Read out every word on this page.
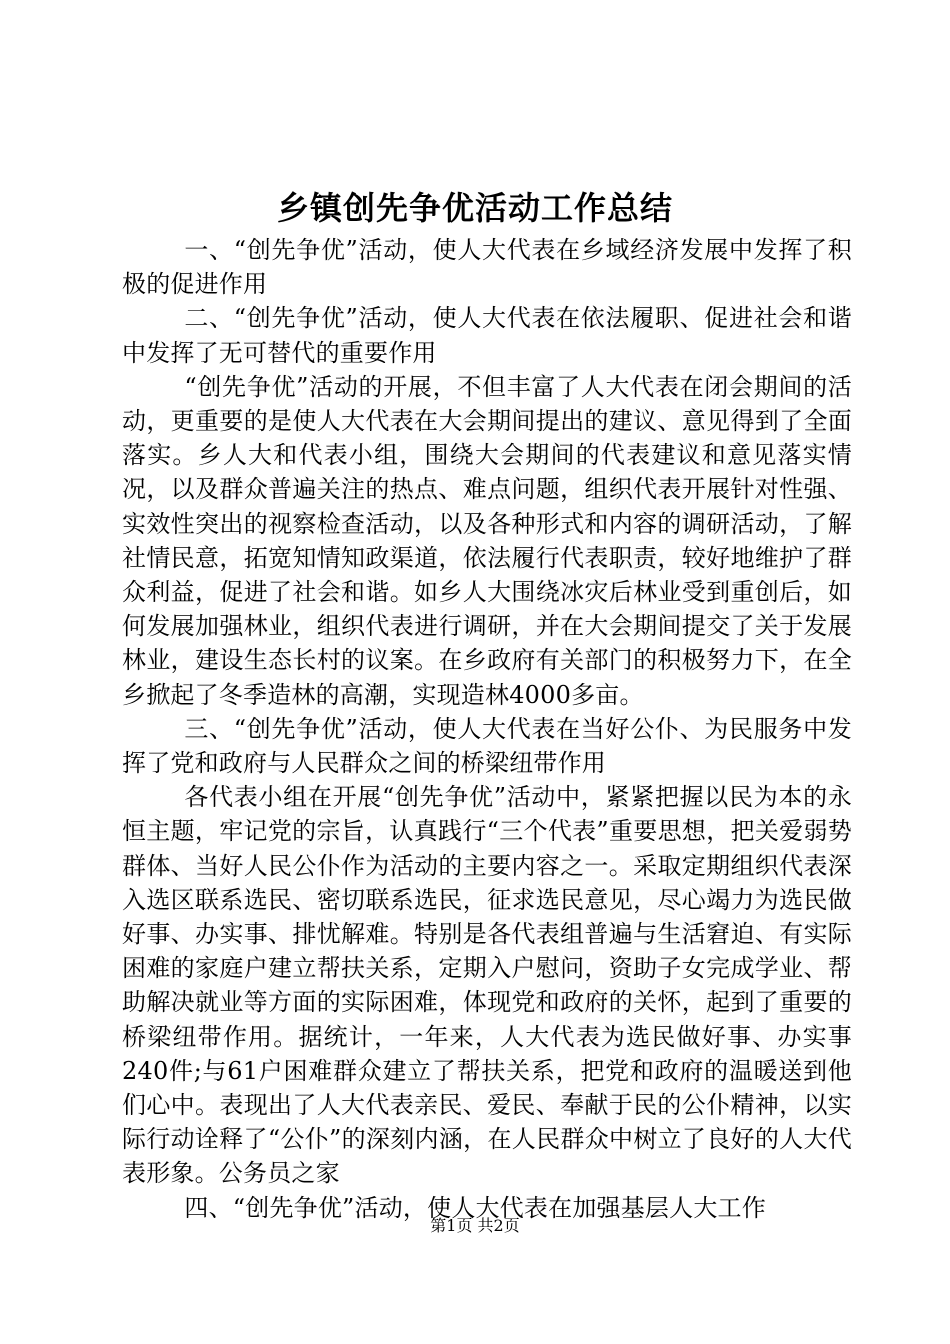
乡镇创先争优活动工作总结

一、“创先争优”活动，使人大代表在乡域经济发展中发挥了积极的促进作用

二、“创先争优”活动，使人大代表在依法履职、促进社会和谐中发挥了无可替代的重要作用

“创先争优”活动的开展，不但丰富了人大代表在闭会期间的活动，更重要的是使人大代表在大会期间提出的建议、意见得到了全面落实。乡人大和代表小组，围绕大会期间的代表建议和意见落实情况，以及群众普遍关注的热点、难点问题，组织代表开展针对性强、实效性突出的视察检查活动，以及各种形式和内容的调研活动，了解社情民意，拓宽知情知政渠道，依法履行代表职责，较好地维护了群众利益，促进了社会和谐。如乡人大围绕冰灾后林业受到重创后，如何发展加强林业，组织代表进行调研，并在大会期间提交了关于发展林业，建设生态长村的议案。在乡政府有关部门的积极努力下，在全乡掀起了冬季造林的高潮，实现造林4000多亩。

三、“创先争优”活动，使人大代表在当好公仆、为民服务中发挥了党和政府与人民群众之间的桥梁纽带作用

各代表小组在开展“创先争优”活动中，紧紧把握以民为本的永恒主题，牢记党的宗旨，认真践行“三个代表”重要思想，把关爱弱势群体、当好人民公仆作为活动的主要内容之一。采取定期组织代表深入选区联系选民、密切联系选民，征求选民意见，尽心竭力为选民做好事、办实事、排忧解难。特别是各代表组普遍与生活窘迫、有实际困难的家庭户建立帮扶关系，定期入户慰问，资助子女完成学业、帮助解决就业等方面的实际困难，体现党和政府的关怀，起到了重要的桥梁纽带作用。据统计，一年来，人大代表为选民做好事、办实事240件;与61户困难群众建立了帮扶关系，把党和政府的温暖送到他们心中。表现出了人大代表亲民、爱民、奉献于民的公仆精神，以实际行动诠释了“公仆”的深刻内涵，在人民群众中树立了良好的人大代表形象。公务员之家

四、“创先争优”活动，使人大代表在加强基层人大工作

第1页 共2页
